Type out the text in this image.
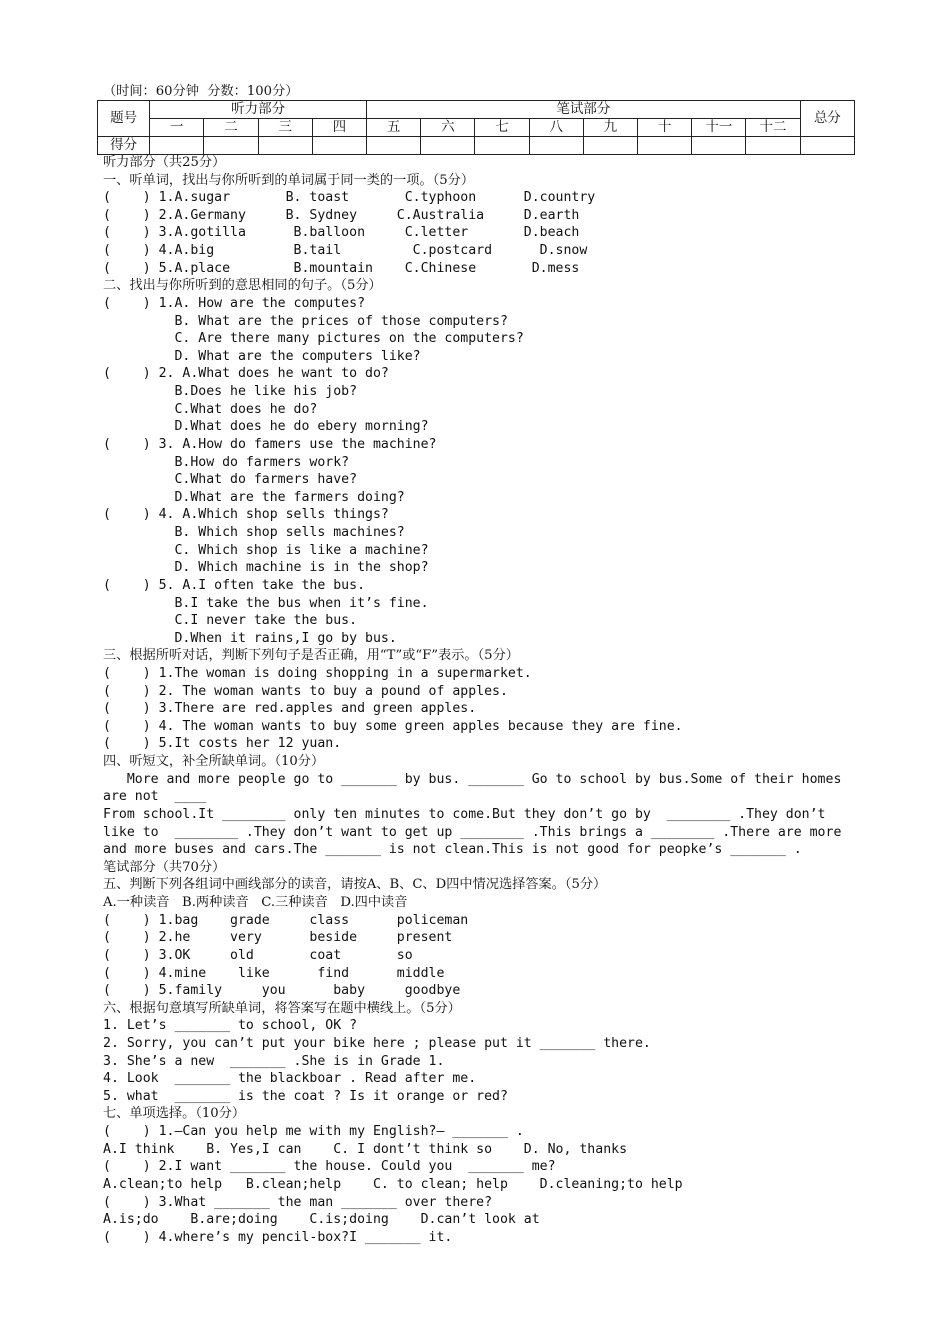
（时间：60分钟  分数：100分）
题号	听力部分				笔试部分								总分
	一	二	三	四	五	六	七	八	九	十	十一	十二	
得分													
听力部分（共25分）
一、听单词，找出与你所听到的单词属于同一类的一项。（5分）
(    ) 1.A.sugar       B. toast       C.typhoon      D.country
(    ) 2.A.Germany     B. Sydney     C.Australia     D.earth
(    ) 3.A.gotilla      B.balloon     C.letter       D.beach
(    ) 4.A.big          B.tail         C.postcard      D.snow
(    ) 5.A.place        B.mountain    C.Chinese       D.mess
二、找出与你所听到的意思相同的句子。（5分）
(    ) 1.A. How are the computes?
B. What are the prices of those computers?
C. Are there many pictures on the computers?
D. What are the computers like?
(    ) 2. A.What does he want to do?
B.Does he like his job?
C.What does he do?
D.What does he do ebery morning?
(    ) 3. A.How do famers use the machine?
B.How do farmers work?
C.What do farmers have?
D.What are the farmers doing?
(    ) 4. A.Which shop sells things?
B. Which shop sells machines?
C. Which shop is like a machine?
D. Which machine is in the shop?
(    ) 5. A.I often take the bus.
B.I take the bus when it’s fine.
C.I never take the bus.
D.When it rains,I go by bus.
三、根据所听对话，判断下列句子是否正确，用“T”或“F”表示。（5分）
(    ) 1.The woman is doing shopping in a supermarket.
(    ) 2. The woman wants to buy a pound of apples.
(    ) 3.There are red.apples and green apples.
(    ) 4. The woman wants to buy some green apples because they are fine.
(    ) 5.It costs her 12 yuan.
四、听短文，补全所缺单词。（10分）
More and more people go to _______ by bus. _______ Go to school by bus.Some of their homes
are not  ____
From school.It ________ only ten minutes to come.But they don’t go by  ________ .They don’t
like to  ________ .They don’t want to get up ________ .This brings a ________ .There are more
and more buses and cars.The _______ is not clean.This is not good for peopke’s _______ .
笔试部分（共70分）
五、判断下列各组词中画线部分的读音，请按A、B、C、D四中情况选择答案。（5分）
A.一种读音   B.两种读音   C.三种读音   D.四中读音
(    ) 1.bag    grade     class      policeman
(    ) 2.he     very      beside     present
(    ) 3.OK     old       coat       so
(    ) 4.mine    like      find      middle
(    ) 5.family     you      baby     goodbye
六、根据句意填写所缺单词，将答案写在题中横线上。（5分）
1. Let’s _______ to school, OK ?
2. Sorry, you can’t put your bike here ; please put it _______ there.
3. She’s a new  _______ .She is in Grade 1.
4. Look  _______ the blackboar . Read after me.
5. what  _______ is the coat ? Is it orange or red?
七、单项选择。（10分）
(    ) 1.—Can you help me with my English?— _______ .
A.I think    B. Yes,I can    C. I dont’t think so    D. No, thanks
(    ) 2.I want _______ the house. Could you  _______ me?
A.clean;to help   B.clean;help    C. to clean; help    D.cleaning;to help
(    ) 3.What _______ the man _______ over there?
A.is;do    B.are;doing    C.is;doing    D.can’t look at
(    ) 4.where’s my pencil-box?I _______ it.
